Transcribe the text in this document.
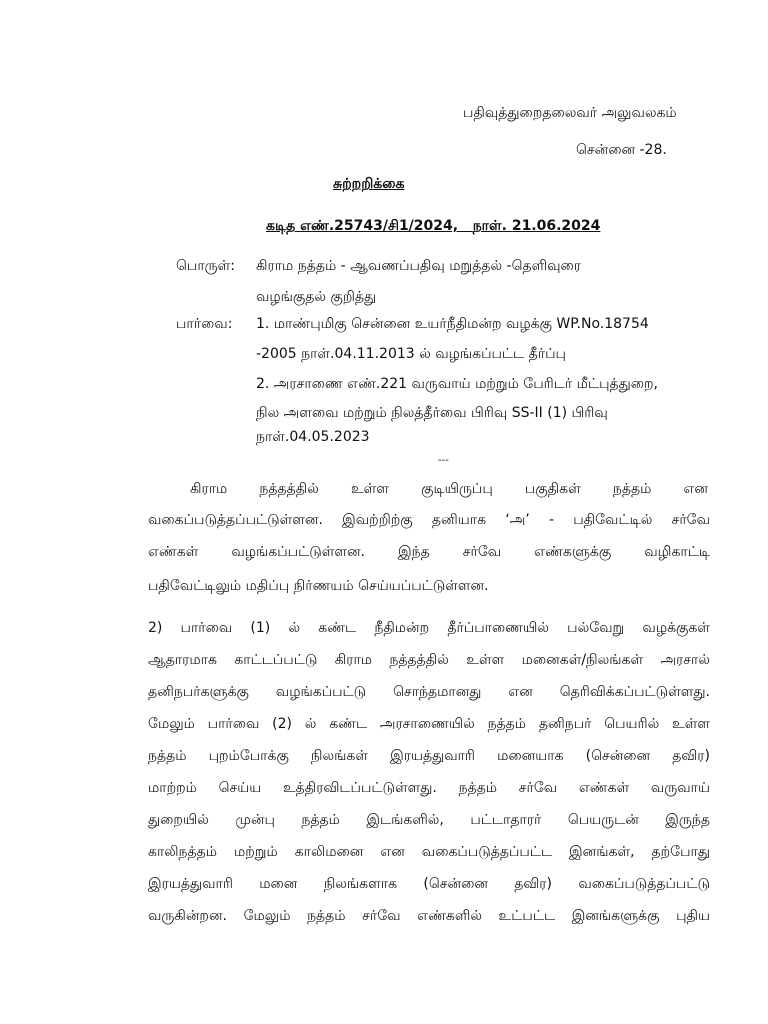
பதிவுத்துறைதலைவர் அலுவலகம்
சென்னை -28.
சுற்றறிக்கை
கடித எண்.25743/சி1/2024, நாள். 21.06.2024
பொருள்: கிராம நத்தம் - ஆவணப்பதிவு மறுத்தல் -தெளிவுரை
வழங்குதல் குறித்து
பார்வை: 1. மாண்புமிகு சென்னை உயர்நீதிமன்ற வழக்கு WP.No.18754
-2005 நாள்.04.11.2013 ல் வழங்கப்பட்ட தீர்ப்பு
2. அரசாணை எண்.221 வருவாய் மற்றும் பேரிடர் மீட்புத்துறை,
நில அளவை மற்றும் நிலத்தீர்வை பிரிவு SS-II (1) பிரிவு
நாள்.04.05.2023
---
கிராம நத்தத்தில் உள்ள குடியிருப்பு பகுதிகள் நத்தம் என
வகைப்படுத்தப்பட்டுள்ளன. இவற்றிற்கு தனியாக ‘அ’ - பதிவேட்டில் சர்வே
எண்கள் வழங்கப்பட்டுள்ளன. இந்த சர்வே எண்களுக்கு வழிகாட்டி
பதிவேட்டிலும் மதிப்பு நிர்ணயம் செய்யப்பட்டுள்ளன.
2) பார்வை (1) ல் கண்ட நீதிமன்ற தீர்ப்பாணையில் பல்வேறு வழக்குகள்
ஆதாரமாக காட்டப்பட்டு கிராம நத்தத்தில் உள்ள மனைகள்/நிலங்கள் அரசால்
தனிநபர்களுக்கு வழங்கப்பட்டு சொந்தமானது என தெரிவிக்கப்பட்டுள்ளது.
மேலும் பார்வை (2) ல் கண்ட அரசாணையில் நத்தம் தனிநபர் பெயரில் உள்ள
நத்தம் புறம்போக்கு நிலங்கள் இரயத்துவாரி மனையாக (சென்னை தவிர)
மாற்றம் செய்ய உத்திரவிடப்பட்டுள்ளது. நத்தம் சர்வே எண்கள் வருவாய்
துறையில் முன்பு நத்தம் இடங்களில், பட்டாதாரர் பெயருடன் இருந்த
காலிநத்தம் மற்றும் காலிமனை என வகைப்படுத்தப்பட்ட இனங்கள், தற்போது
இரயத்துவாரி மனை நிலங்களாக (சென்னை தவிர) வகைப்படுத்தப்பட்டு
வருகின்றன. மேலும் நத்தம் சர்வே எண்களில் உட்பட்ட இனங்களுக்கு புதிய
